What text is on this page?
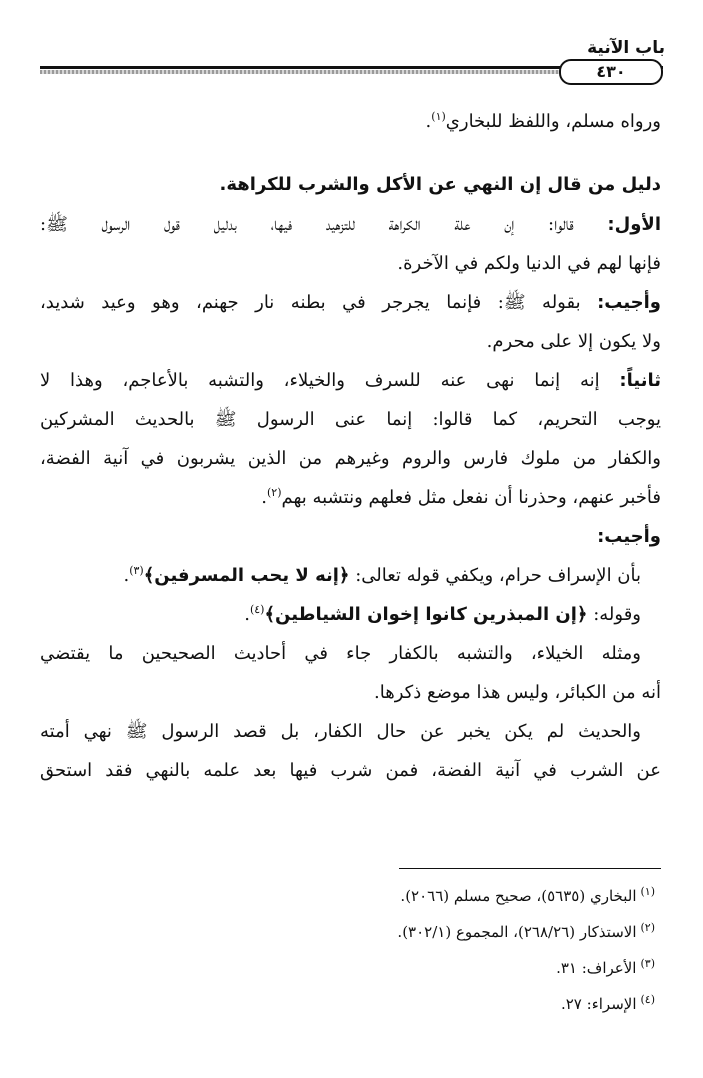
باب الآنية
٤٣٠
ورواه مسلم، واللفظ للبخاري$^{(١)}$.
دليل من قال إن النهي عن الأكل والشرب للكراهة.
الأول: قالوا: إن علة الكراهة للتزهيد فيها، بدليل قول الرسول ﷺ:
فإنها لهم في الدنيا ولكم في الآخرة.
وأجيب: بقوله ﷺ: فإنما يجرجر في بطنه نار جهنم، وهو وعيد شديد،
ولا يكون إلا على محرم.
ثانياً: إنه إنما نهى عنه للسرف والخيلاء، والتشبه بالأعاجم، وهذا لا
يوجب التحريم، كما قالوا: إنما عنى الرسول ﷺ بالحديث المشركين
والكفار من ملوك فارس والروم وغيرهم من الذين يشربون في آنية الفضة،
فأخبر عنهم، وحذرنا أن نفعل مثل فعلهم ونتشبه بهم$^{(٢)}$.
وأجيب:
بأن الإسراف حرام، ويكفي قوله تعالى: ﴿إنه لا يحب المسرفين﴾$^{(٣)}$.
وقوله: ﴿إن المبذرين كانوا إخوان الشياطين﴾$^{(٤)}$.
ومثله الخيلاء، والتشبه بالكفار جاء في أحاديث الصحيحين ما يقتضي
أنه من الكبائر، وليس هذا موضع ذكرها.
والحديث لم يكن يخبر عن حال الكفار، بل قصد الرسول ﷺ نهي أمته
عن الشرب في آنية الفضة، فمن شرب فيها بعد علمه بالنهي فقد استحق
$^{(١)}$البخاري (٥٦٣٥)، صحيح مسلم (٢٠٦٦).
$^{(٢)}$الاستذكار (٢٦٨/٢٦)، المجموع (٣٠٢/١).
$^{(٣)}$الأعراف: ٣١.
$^{(٤)}$الإسراء: ٢٧.
